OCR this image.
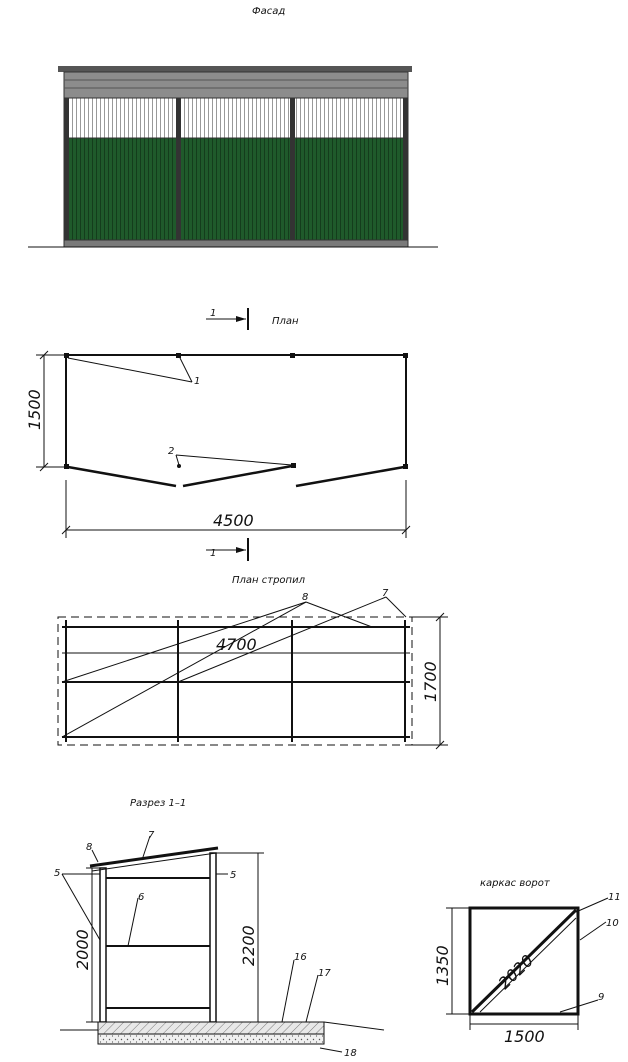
Фасад
1
План
1
2
1500
4500
1
План стропил
8	7
4700
1700
Разрез 1–1
8
7
5	5
6
16
17
18
2000	2200
каркас ворот
2020
1350
1500
11
10
9
